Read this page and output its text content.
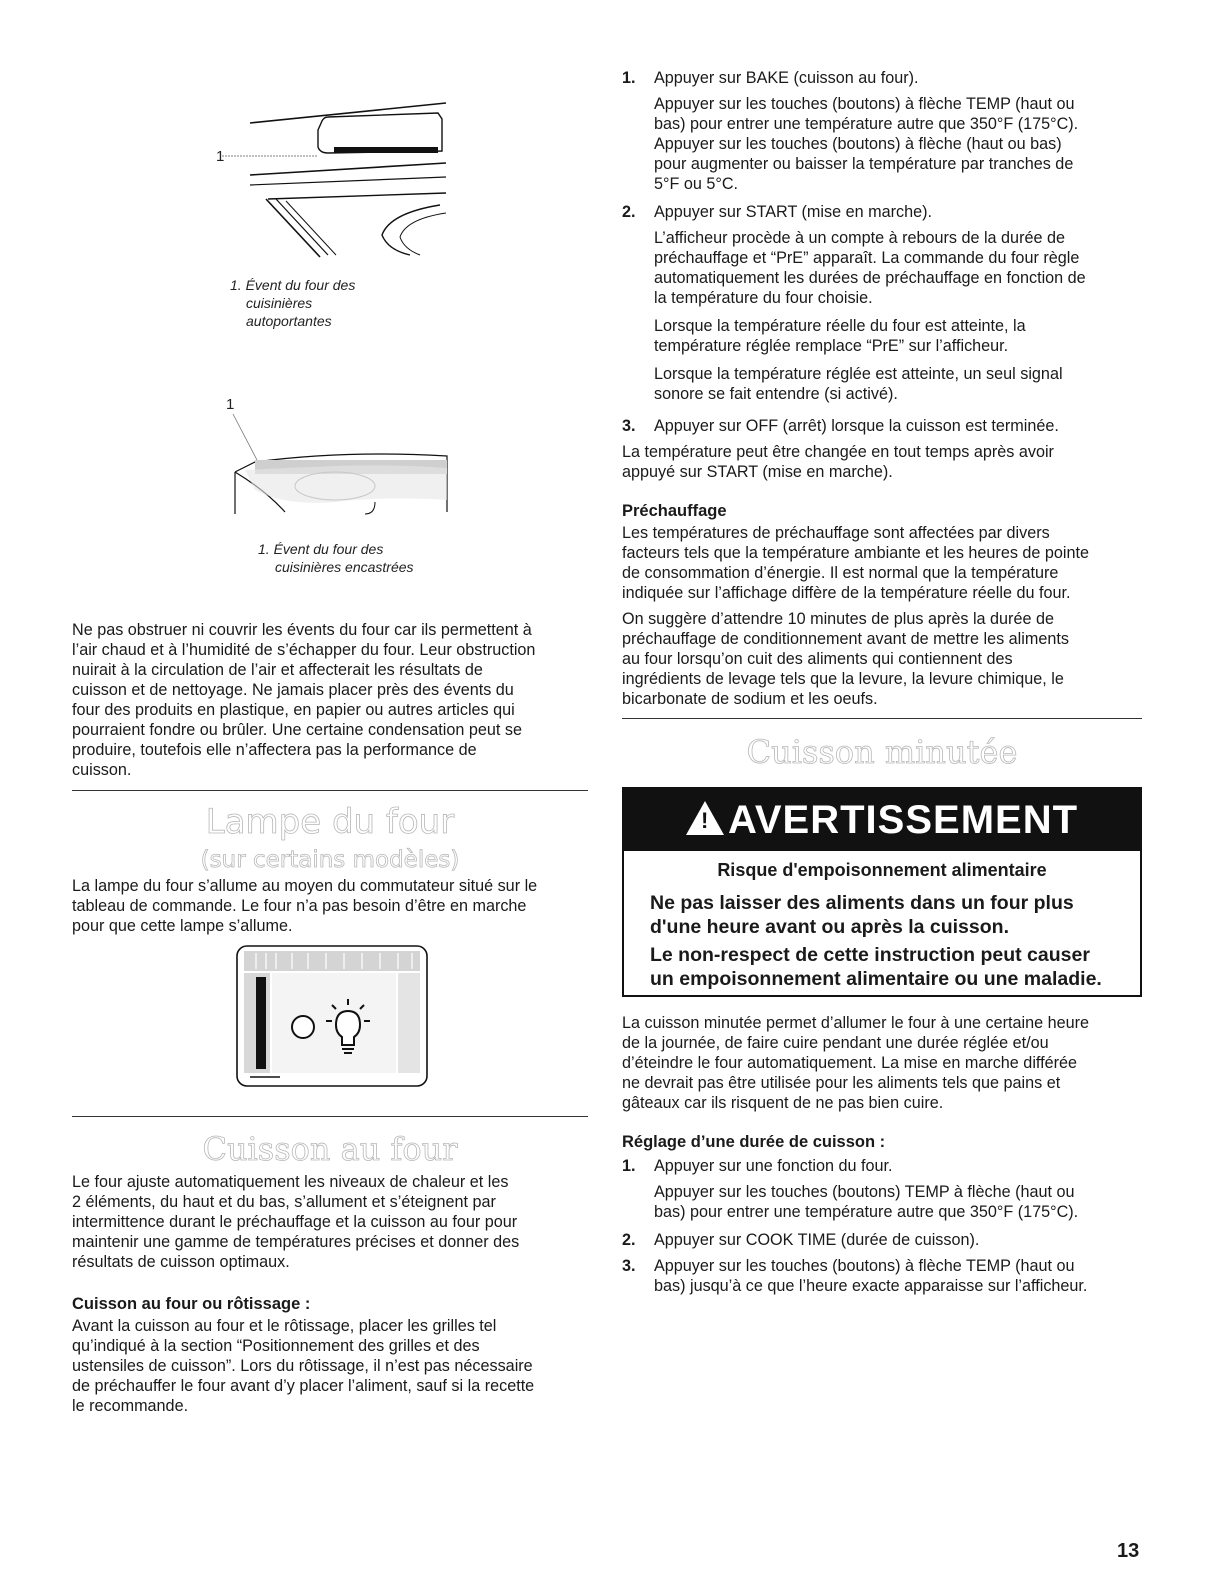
1
1. Évent du four des
cuisinières
autoportantes
1
1. Évent du four des
cuisinières encastrées

Ne pas obstruer ni couvrir les évents du four car ils permettent à

l’air chaud et à l’humidité de s’échapper du four. Leur obstruction

nuirait à la circulation de l’air et affecterait les résultats de

cuisson et de nettoyage. Ne jamais placer près des évents du

four des produits en plastique, en papier ou autres articles qui

pourraient fondre ou brûler. Une certaine condensation peut se

produire, toutefois elle n’affectera pas la performance de

cuisson.

Lampe du four
(sur certains modèles)

La lampe du four s’allume au moyen du commutateur situé sur le

tableau de commande. Le four n’a pas besoin d’être en marche

pour que cette lampe s’allume.

Cuisson au four

Le four ajuste automatiquement les niveaux de chaleur et les

2 éléments, du haut et du bas, s’allument et s’éteignent par

intermittence durant le préchauffage et la cuisson au four pour

maintenir une gamme de températures précises et donner des

résultats de cuisson optimaux.

Cuisson au four ou rôtissage :

Avant la cuisson au four et le rôtissage, placer les grilles tel

qu’indiqué à la section “Positionnement des grilles et des

ustensiles de cuisson”. Lors du rôtissage, il n’est pas nécessaire

de préchauffer le four avant d’y placer l’aliment, sauf si la recette

le recommande.

1. Appuyer sur BAKE (cuisson au four).

Appuyer sur les touches (boutons) à flèche TEMP (haut ou

bas) pour entrer une température autre que 350°F (175°C).

Appuyer sur les touches (boutons) à flèche (haut ou bas)

pour augmenter ou baisser la température par tranches de

5°F ou 5°C.

2. Appuyer sur START (mise en marche).

L’afficheur procède à un compte à rebours de la durée de

préchauffage et “PrE” apparaît. La commande du four règle

automatiquement les durées de préchauffage en fonction de

la température du four choisie.

Lorsque la température réelle du four est atteinte, la

température réglée remplace “PrE” sur l’afficheur.

Lorsque la température réglée est atteinte, un seul signal

sonore se fait entendre (si activé).

3. Appuyer sur OFF (arrêt) lorsque la cuisson est terminée.

La température peut être changée en tout temps après avoir

appuyé sur START (mise en marche).

Préchauffage

Les températures de préchauffage sont affectées par divers

facteurs tels que la température ambiante et les heures de pointe

de consommation d’énergie. Il est normal que la température

indiquée sur l’affichage diffère de la température réelle du four.

On suggère d’attendre 10 minutes de plus après la durée de

préchauffage de conditionnement avant de mettre les aliments

au four lorsqu’on cuit des aliments qui contiennent des

ingrédients de levage tels que la levure, la levure chimique, le

bicarbonate de sodium et les oeufs.

Cuisson minutée
!AVERTISSEMENT
Risque d'empoisonnement alimentaire
Ne pas laisser des aliments dans un four plus
d'une heure avant ou après la cuisson.
Le non-respect de cette instruction peut causer
un empoisonnement alimentaire ou une maladie.

La cuisson minutée permet d’allumer le four à une certaine heure

de la journée, de faire cuire pendant une durée réglée et/ou

d’éteindre le four automatiquement. La mise en marche différée

ne devrait pas être utilisée pour les aliments tels que pains et

gâteaux car ils risquent de ne pas bien cuire.

Réglage d’une durée de cuisson :
1. Appuyer sur une fonction du four.

Appuyer sur les touches (boutons) TEMP à flèche (haut ou

bas) pour entrer une température autre que 350°F (175°C).

2. Appuyer sur COOK TIME (durée de cuisson).

3. Appuyer sur les touches (boutons) à flèche TEMP (haut ou

bas) jusqu’à ce que l’heure exacte apparaisse sur l’afficheur.

13
